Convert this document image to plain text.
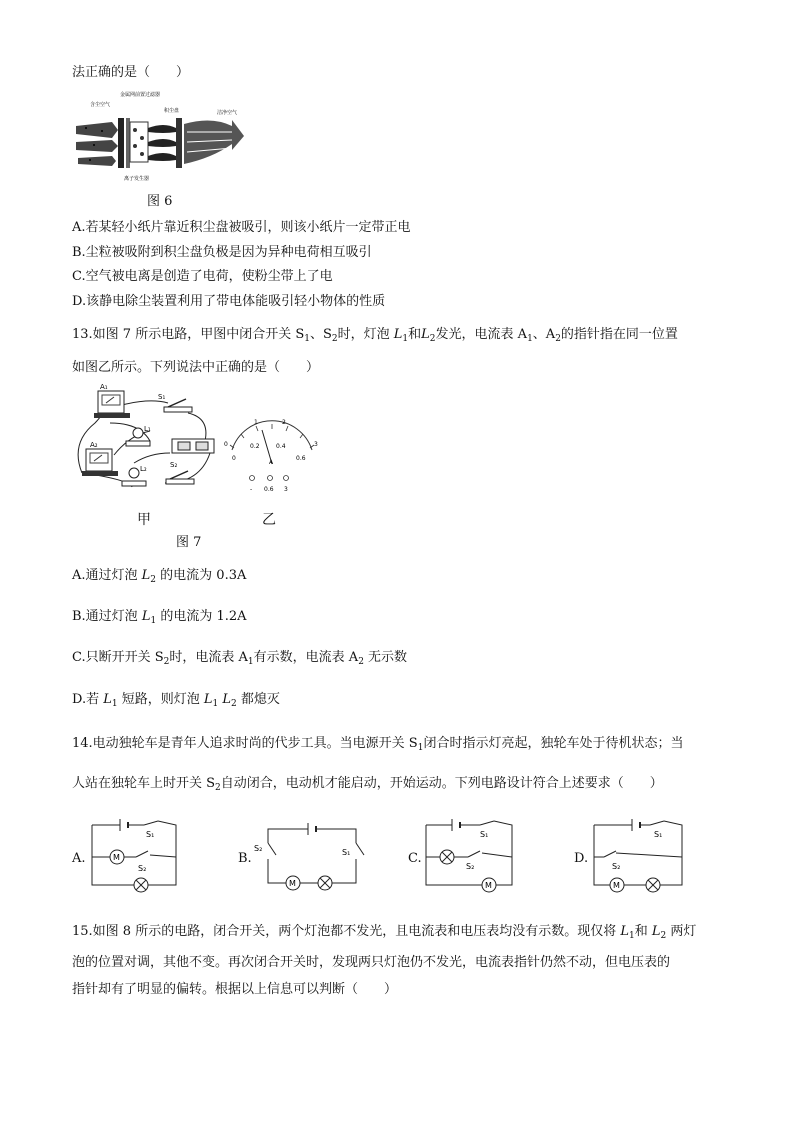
法正确的是（　　）
含尘空气
金属网前置过滤器
积尘盘	洁净空气
离子发生器
图 6
A.若某轻小纸片靠近积尘盘被吸引，则该小纸片一定带正电
B.尘粒被吸附到积尘盘负极是因为异种电荷相互吸引
C.空气被电离是创造了电荷，使粉尘带上了电
D.该静电除尘装置利用了带电体能吸引轻小物体的性质
13.如图 7 所示电路，甲图中闭合开关 $S_1$、$S_2$时，灯泡 $L_1$和$L_2$发光，电流表 $A_1$、$A_2$的指针指在同一位置
如图乙所示。下列说法中正确的是（　　）
A₁
A₂
S₁
S₂
L₁
L₂
甲
0
1	2
3
0
0.2	0.4
0.6
A
- 0.6 3
乙
图 7
A.通过灯泡 $L_2$ 的电流为 0.3A
B.通过灯泡 $L_1$ 的电流为 1.2A
C.只断开开关 $S_2$时，电流表 $A_1$有示数，电流表 $A_2$ 无示数
D.若 $L_1$ 短路，则灯泡 $L_1$ $L_2$ 都熄灭
14.电动独轮车是青年人追求时尚的代步工具。当电源开关 $S_1$闭合时指示灯亮起，独轮车处于待机状态；当
人站在独轮车上时开关 $S_2$自动闭合，电动机才能启动，开始运动。下列电路设计符合上述要求（　　）
A.
S₁
M
S₂
B.
S₂	S₁
M
C.
S₁
S₂
M
D.
S₁
S₂
M
15.如图 8 所示的电路，闭合开关，两个灯泡都不发光，且电流表和电压表均没有示数。现仅将 $L_1$和 $L_2$ 两灯
泡的位置对调，其他不变。再次闭合开关时，发现两只灯泡仍不发光，电流表指针仍然不动，但电压表的
指针却有了明显的偏转。根据以上信息可以判断（　　）
